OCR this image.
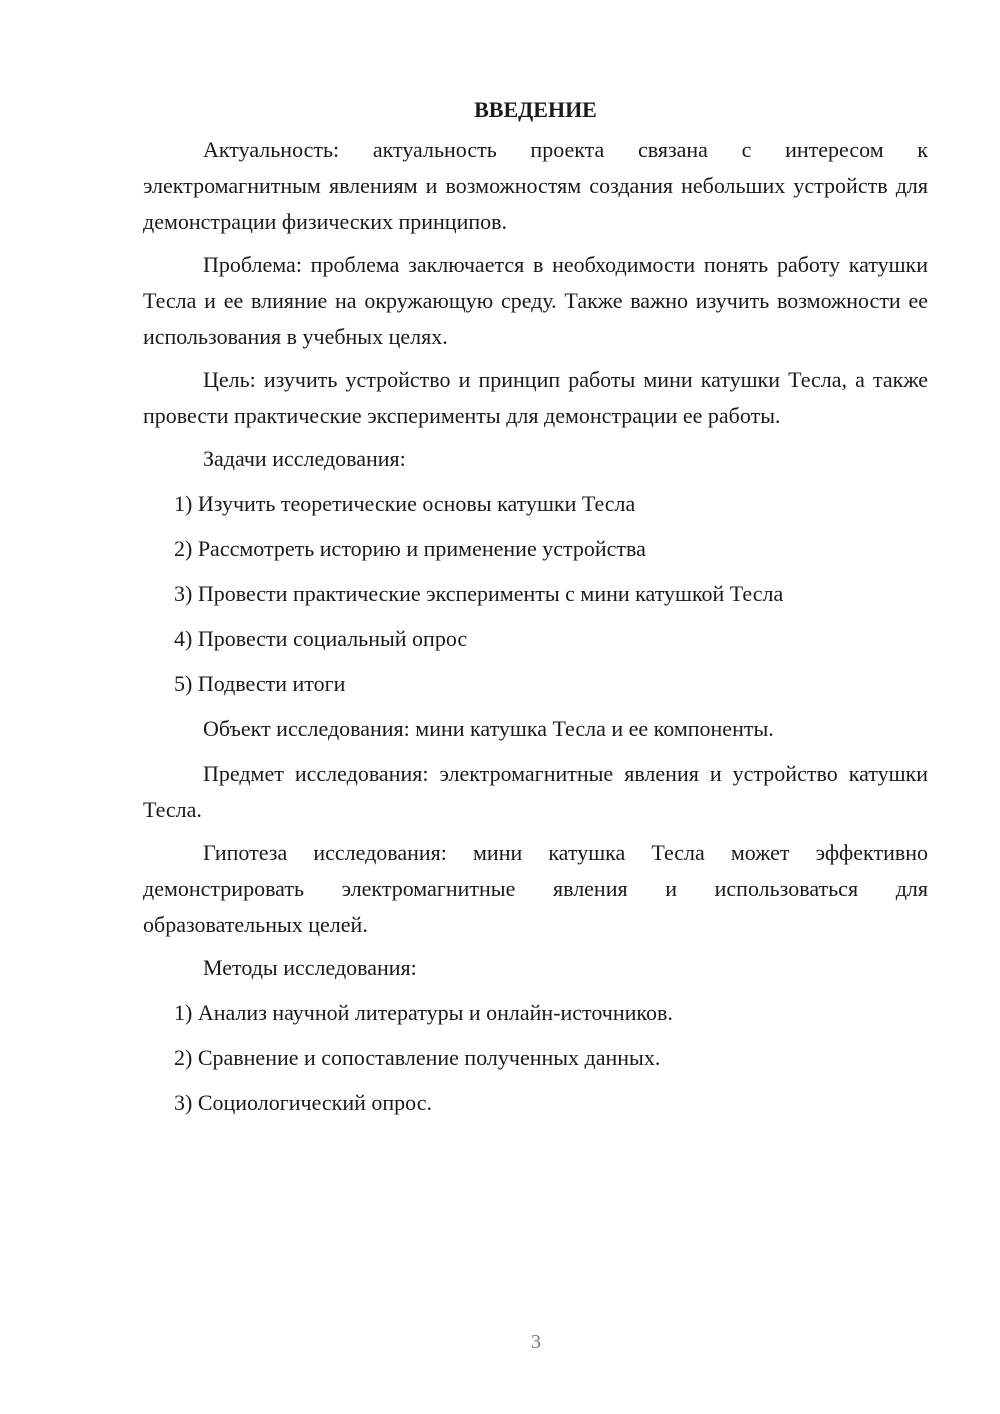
ВВЕДЕНИЕ

Актуальность: актуальность проекта связана с интересом к электромагнитным явлениям и возможностям создания небольших устройств для демонстрации физических принципов.

Проблема: проблема заключается в необходимости понять работу катушки Тесла и ее влияние на окружающую среду. Также важно изучить возможности ее использования в учебных целях.

Цель: изучить устройство и принцип работы мини катушки Тесла, а также провести практические эксперименты для демонстрации ее работы.

Задачи исследования:

1) Изучить теоретические основы катушки Тесла
2) Рассмотреть историю и применение устройства
3) Провести практические эксперименты с мини катушкой Тесла
4) Провести социальный опрос
5) Подвести итоги

Объект исследования: мини катушка Тесла и ее компоненты.

Предмет исследования: электромагнитные явления и устройство катушки Тесла.

Гипотеза исследования: мини катушка Тесла может эффективно демонстрировать электромагнитные явления и использоваться для образовательных целей.

Методы исследования:

1) Анализ научной литературы и онлайн-источников.
2) Сравнение и сопоставление полученных данных.
3) Социологический опрос.
3
